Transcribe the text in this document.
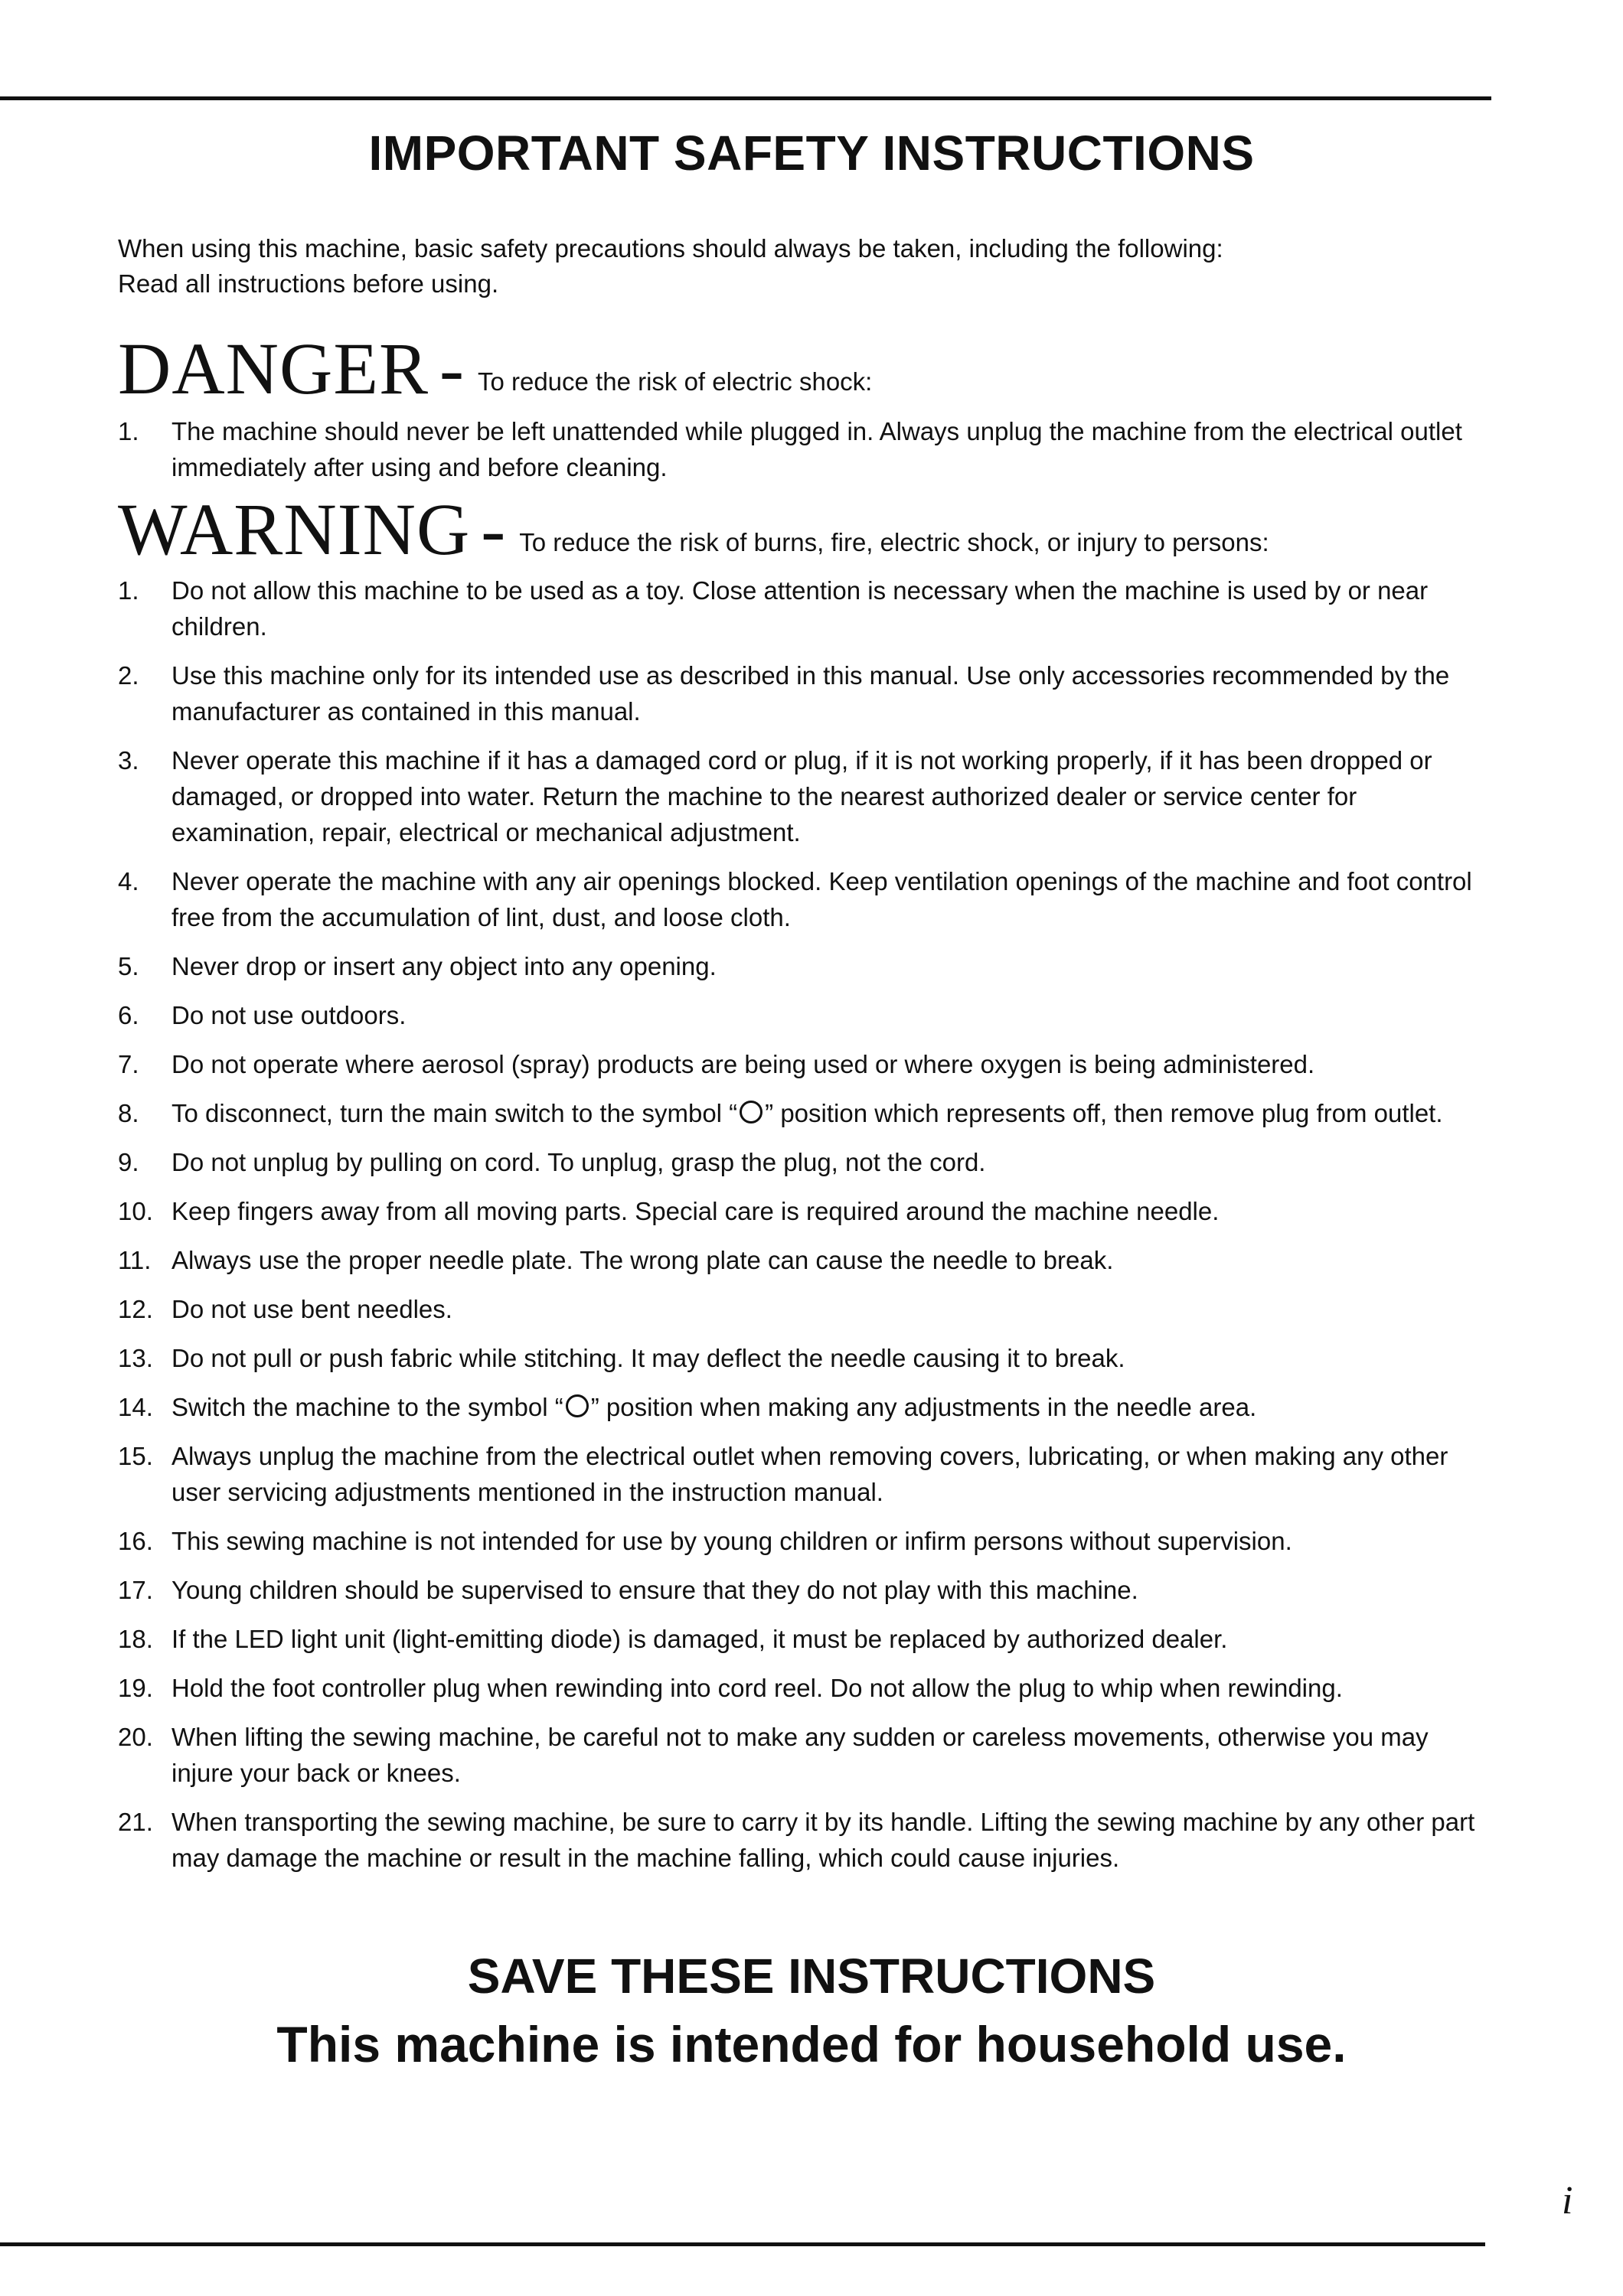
IMPORTANT SAFETY INSTRUCTIONS
When using this machine, basic safety precautions should always be taken, including the following:
Read all instructions before using.
DANGER - To reduce the risk of electric shock:
1.	The machine should never be left unattended while plugged in. Always unplug the machine from the electrical outlet immediately after using and before cleaning.
WARNING - To reduce the risk of burns, fire, electric shock, or injury to persons:
1.	Do not allow this machine to be used as a toy. Close attention is necessary when the machine is used by or near children.
2.	Use this machine only for its intended use as described in this manual. Use only accessories recommended by the manufacturer as contained in this manual.
3.	Never operate this machine if it has a damaged cord or plug, if it is not working properly, if it has been dropped or damaged, or dropped into water. Return the machine to the nearest authorized dealer or service center for examination, repair, electrical or mechanical adjustment.
4.	Never operate the machine with any air openings blocked. Keep ventilation openings of the machine and foot control free from the accumulation of lint, dust, and loose cloth.
5.	Never drop or insert any object into any opening.
6.	Do not use outdoors.
7.	Do not operate where aerosol (spray) products are being used or where oxygen is being administered.
8.	To disconnect, turn the main switch to the symbol “ ” position which represents off, then remove plug from outlet.
9.	Do not unplug by pulling on cord. To unplug, grasp the plug, not the cord.
10. Keep fingers away from all moving parts. Special care is required around the machine needle.
11. Always use the proper needle plate. The wrong plate can cause the needle to break.
12. Do not use bent needles.
13. Do not pull or push fabric while stitching. It may deflect the needle causing it to break.
14. Switch the machine to the symbol “ ” position when making any adjustments in the needle area.
15. Always unplug the machine from the electrical outlet when removing covers, lubricating, or when making any other user servicing adjustments mentioned in the instruction manual.
16. This sewing machine is not intended for use by young children or infirm persons without supervision.
17. Young children should be supervised to ensure that they do not play with this machine.
18. If the LED light unit (light-emitting diode) is damaged, it must be replaced by authorized dealer.
19. Hold the foot controller plug when rewinding into cord reel. Do not allow the plug to whip when rewinding.
20. When lifting the sewing machine, be careful not to make any sudden or careless movements, otherwise you may injure your back or knees.
21. When transporting the sewing machine, be sure to carry it by its handle. Lifting the sewing machine by any other part may damage the machine or result in the machine falling, which could cause injuries.
SAVE THESE INSTRUCTIONS
This machine is intended for household use.
i
